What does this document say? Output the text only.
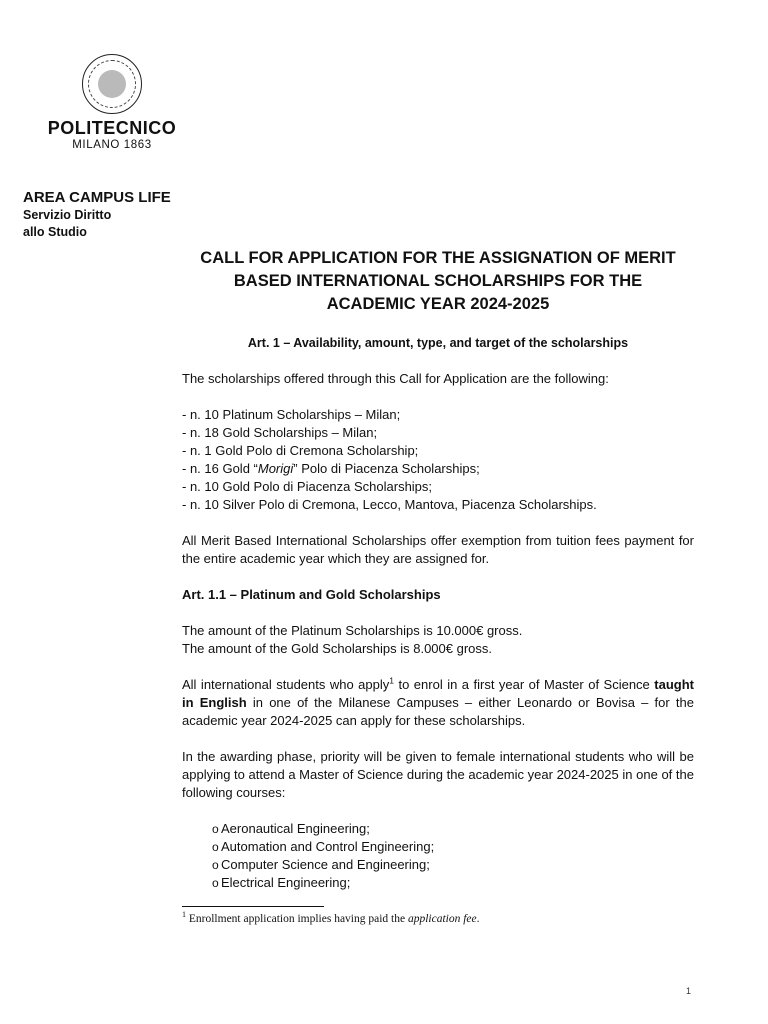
POLITECNICO
MILANO 1863
AREA CAMPUS LIFE
Servizio Diritto
allo Studio
CALL FOR APPLICATION FOR THE ASSIGNATION OF MERIT
BASED INTERNATIONAL SCHOLARSHIPS FOR THE
ACADEMIC YEAR 2024-2025

Art. 1 – Availability, amount, type, and target of the scholarships

The scholarships offered through this Call for Application are the following:

- n. 10 Platinum Scholarships – Milan;
- n. 18 Gold Scholarships – Milan;
- n. 1 Gold Polo di Cremona Scholarship;
- n. 16 Gold “Morigi” Polo di Piacenza Scholarships;
- n. 10 Gold Polo di Piacenza Scholarships;
- n. 10 Silver Polo di Cremona, Lecco, Mantova, Piacenza Scholarships.

All Merit Based International Scholarships offer exemption from tuition fees payment for the entire academic year which they are assigned for.

Art. 1.1 – Platinum and Gold Scholarships

The amount of the Platinum Scholarships is 10.000€ gross.

The amount of the Gold Scholarships is 8.000€ gross.

All international students who apply$^1$ to enrol in a first year of Master of Science taught in English in one of the Milanese Campuses – either Leonardo or Bovisa – for the academic year 2024-2025 can apply for these scholarships.

In the awarding phase, priority will be given to female international students who will be applying to attend a Master of Science during the academic year 2024-2025 in one of the following courses:

o Aeronautical Engineering;
o Automation and Control Engineering;
o Computer Science and Engineering;
o Electrical Engineering;
$^1$ Enrollment application implies having paid the application fee.
1
